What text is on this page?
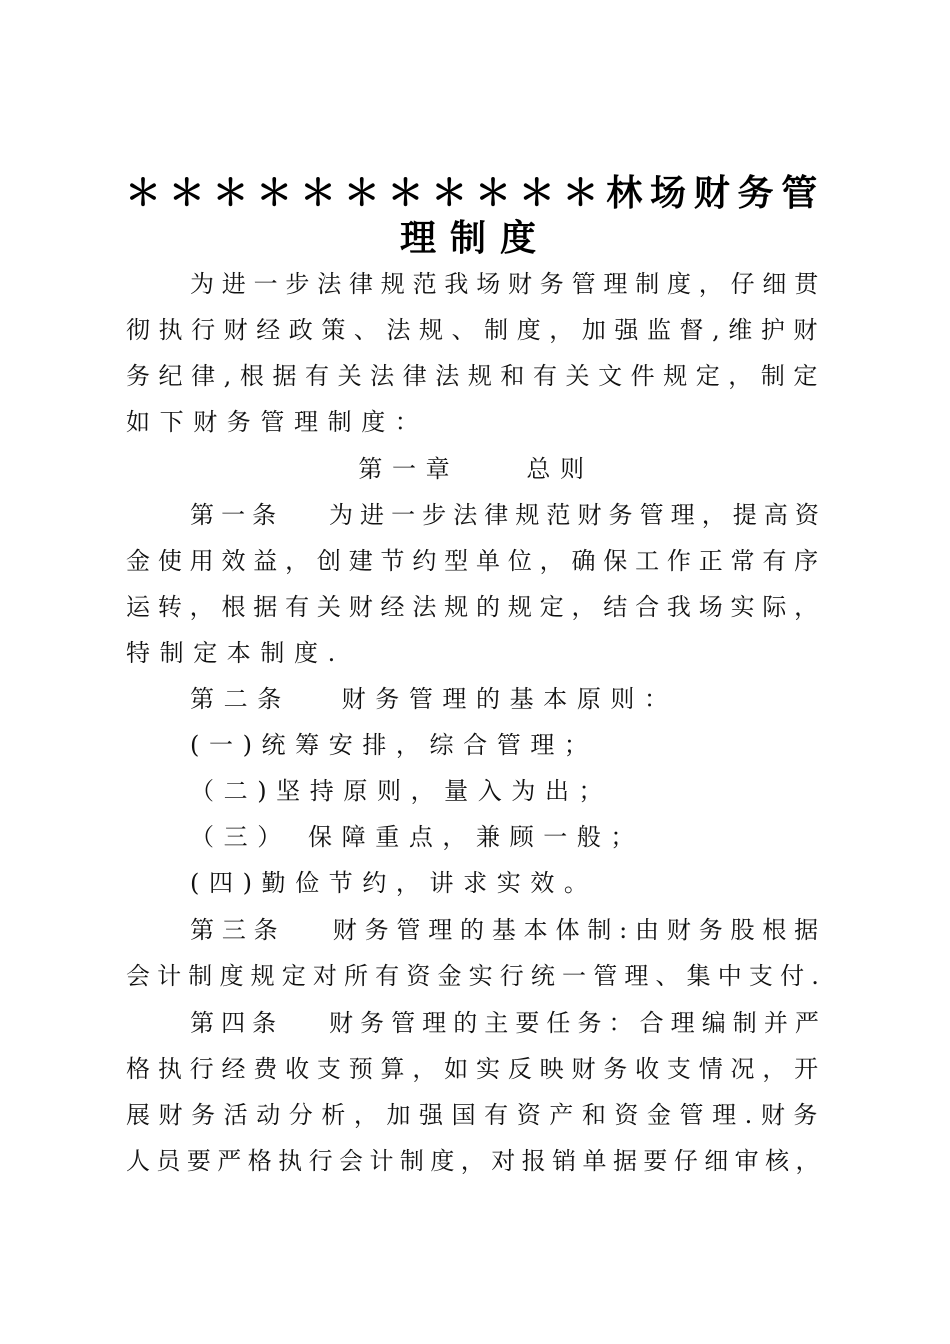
＊＊＊＊＊＊＊＊＊＊＊林场财务管
理制度
为进一步法律规范我场财务管理制度，仔细贯
彻执行财经政策、法规、制度，加强监督,维护财
务纪律,根据有关法律法规和有关文件规定，制定
如下财务管理制度：
第一章　　总则
第一条　 为进一步法律规范财务管理，提高资
金使用效益，创建节约型单位，确保工作正常有序
运转，根据有关财经法规的规定，结合我场实际，
特制定本制度.
第二条　 财务管理的基本原则：
(一)统筹安排，综合管理；
（二)坚持原则，量入为出；
（三） 保障重点，兼顾一般；
(四)勤俭节约，讲求实效。
第三条　 财务管理的基本体制:由财务股根据
会计制度规定对所有资金实行统一管理、集中支付.
第四条　 财务管理的主要任务：合理编制并严
格执行经费收支预算，如实反映财务收支情况，开
展财务活动分析，加强国有资产和资金管理.财务
人员要严格执行会计制度，对报销单据要仔细审核，
